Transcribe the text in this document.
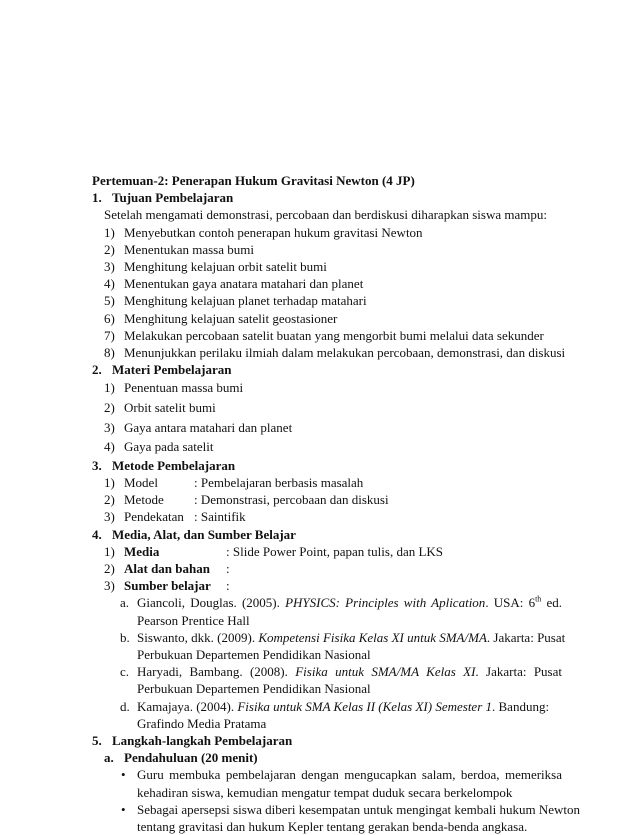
Pertemuan-2: Penerapan Hukum Gravitasi Newton (4 JP)
1. Tujuan Pembelajaran
Setelah mengamati demonstrasi, percobaan dan berdiskusi diharapkan siswa mampu:
1) Menyebutkan contoh penerapan hukum gravitasi Newton
2) Menentukan massa bumi
3) Menghitung kelajuan orbit satelit bumi
4) Menentukan gaya anatara matahari dan planet
5) Menghitung kelajuan planet terhadap matahari
6) Menghitung kelajuan satelit geostasioner
7) Melakukan percobaan satelit buatan yang mengorbit bumi melalui data sekunder
8) Menunjukkan perilaku ilmiah dalam melakukan percobaan, demonstrasi, dan diskusi
2. Materi Pembelajaran
1) Penentuan massa bumi
2) Orbit satelit bumi
3) Gaya antara matahari dan planet
4) Gaya pada satelit
3. Metode Pembelajaran
1) Model	: Pembelajaran berbasis masalah
2) Metode : Demonstrasi, percobaan dan diskusi
3) Pendekatan : Saintifik
4. Media, Alat, dan Sumber Belajar
1) Media	: Slide Power Point, papan tulis, dan LKS
2) Alat dan bahan :
3) Sumber belajar :
a. Giancoli, Douglas. (2005). PHYSICS: Principles with Aplication. USA: 6th ed.
Pearson Prentice Hall
b. Siswanto, dkk. (2009). Kompetensi Fisika Kelas XI untuk SMA/MA. Jakarta: Pusat
Perbukuan Departemen Pendidikan Nasional
c. Haryadi, Bambang. (2008). Fisika untuk SMA/MA Kelas XI. Jakarta: Pusat
Perbukuan Departemen Pendidikan Nasional
d. Kamajaya. (2004). Fisika untuk SMA Kelas II (Kelas XI) Semester 1. Bandung:
Grafindo Media Pratama
5. Langkah-langkah Pembelajaran
a. Pendahuluan (20 menit)
• Guru membuka pembelajaran dengan mengucapkan salam, berdoa, memeriksa
kehadiran siswa, kemudian mengatur tempat duduk secara berkelompok
• Sebagai apersepsi siswa diberi kesempatan untuk mengingat kembali hukum Newton
tentang gravitasi dan hukum Kepler tentang gerakan benda-benda angkasa.
